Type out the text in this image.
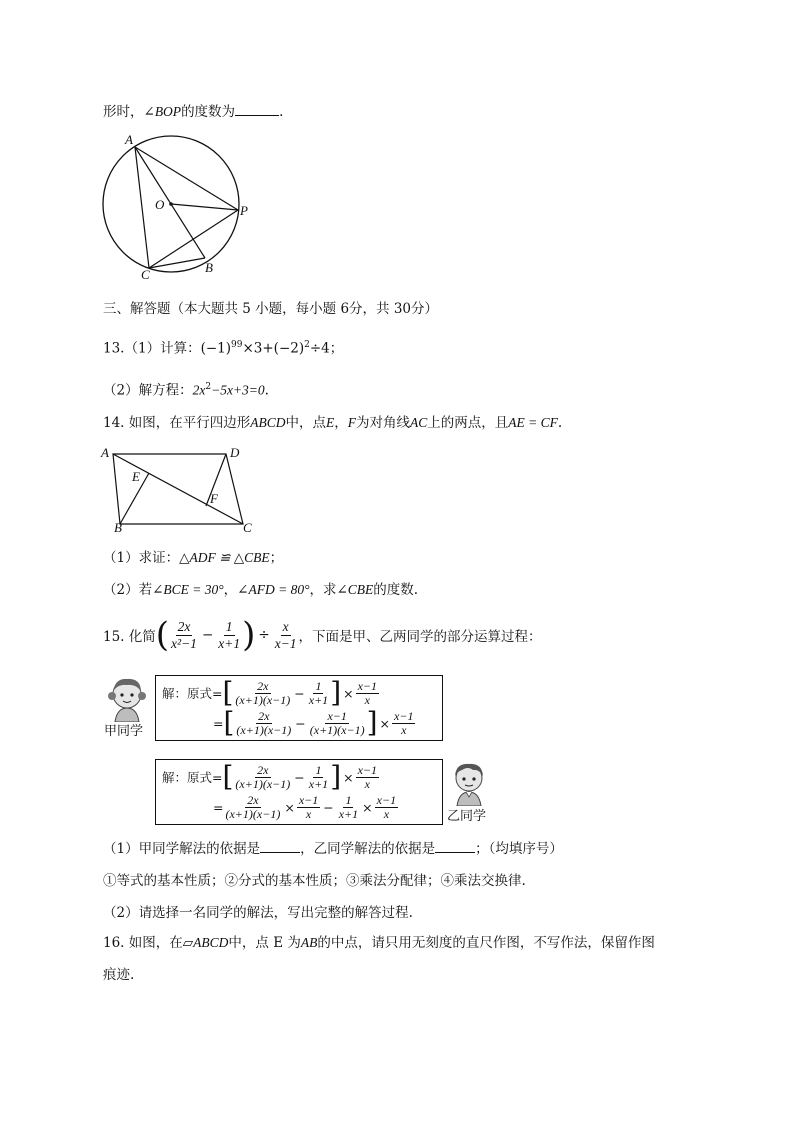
形时，∠BOP的度数为	.
A
O	P
B
C
三、解答题（本大题共 5 小题，每小题 6分，共 30分）
13.（1）计算：$(-1)^{99}\times 3+(-2)^2\div 4$；
（2）解方程：$2x^2-5x+3=0$.
14. 如图，在平行四边形ABCD中，点E，F为对角线AC上的两点，且AE = CF.
A	D
E
F
B	C
（1）求证：△ADF ≌ △CBE；
（2）若∠BCE = 30°，∠AFD = 80°，求∠CBE的度数.
15. 化简 ( $\frac{2x}{\text{x²−1}} - \frac{1}{x+1}$ ) ÷ $\frac{x}{x-1}$ ，下面是甲、乙两同学的部分运算过程：
甲同学
解：原式= [ $\frac{2x}{(x+1)(x-1)} - \frac{1}{x+1}$ ] × $\frac{x-1}{x}$
= [ $\frac{2x}{(x+1)(x-1)} - \frac{x-1}{(x+1)(x-1)}$ ] × $\frac{x-1}{x}$
解：原式= [ $\frac{2x}{(x+1)(x-1)} - \frac{1}{x+1}$ ] × $\frac{x-1}{x}$
= $\frac{2x}{(x+1)(x-1)} \times \frac{x-1}{x} - \frac{1}{x+1} \times \frac{x-1}{x}$	乙同学
（1）甲同学解法的依据是	，乙同学解法的依据是	；（均填序号）
①等式的基本性质；②分式的基本性质；③乘法分配律；④乘法交换律.
（2）请选择一名同学的解法，写出完整的解答过程.
16. 如图，在▱ABCD中，点 E 为AB的中点，请只用无刻度的直尺作图，不写作法，保留作图
痕迹.
